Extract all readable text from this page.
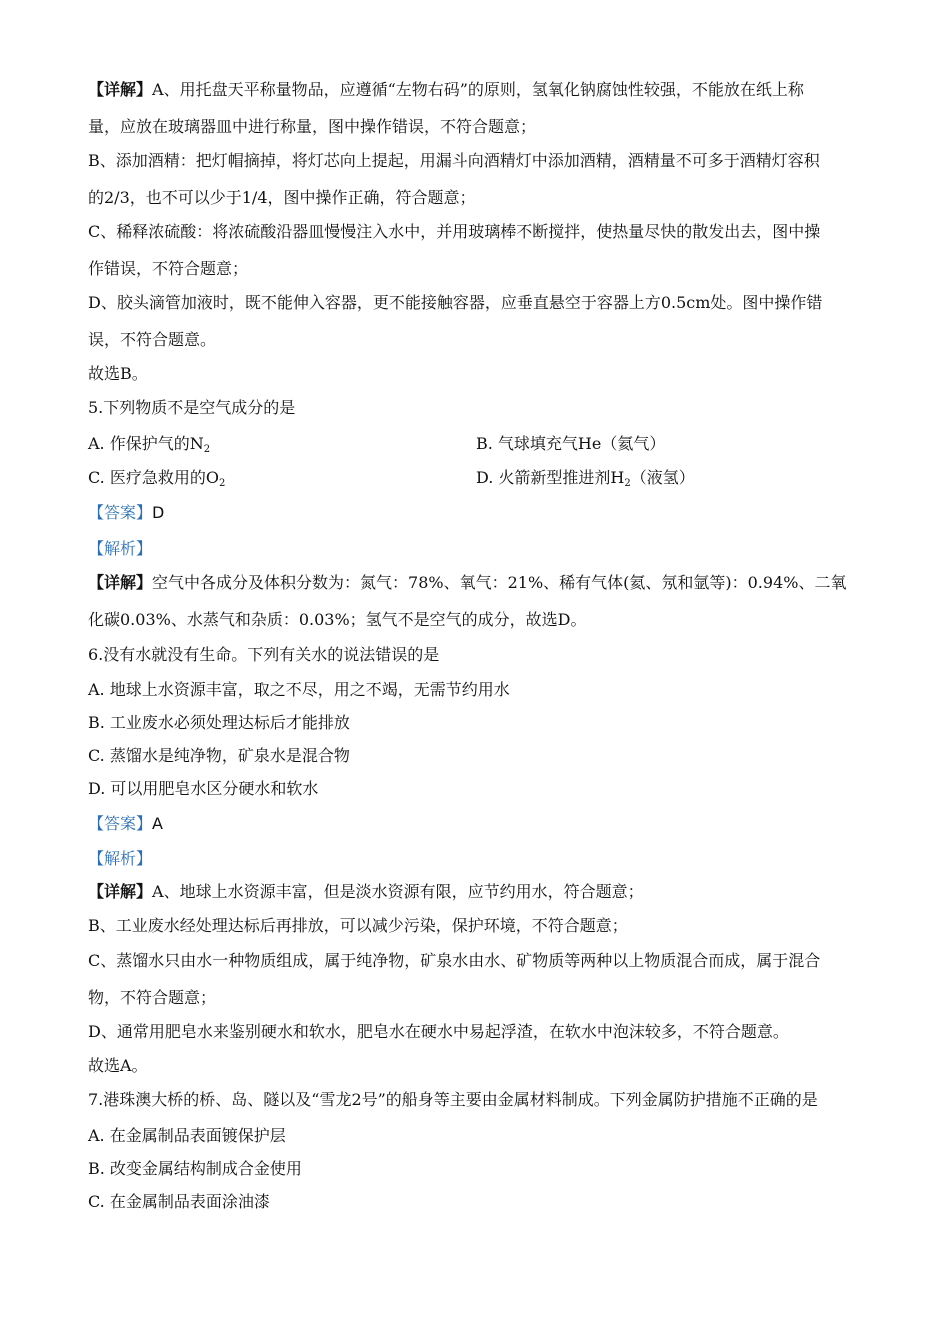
【详解】A、用托盘天平称量物品，应遵循“左物右码”的原则，氢氧化钠腐蚀性较强，不能放在纸上称
量，应放在玻璃器皿中进行称量，图中操作错误，不符合题意；
B、添加酒精：把灯帽摘掉，将灯芯向上提起，用漏斗向酒精灯中添加酒精，酒精量不可多于酒精灯容积
的2/3，也不可以少于1/4，图中操作正确，符合题意；
C、稀释浓硫酸：将浓硫酸沿器皿慢慢注入水中，并用玻璃棒不断搅拌，使热量尽快的散发出去，图中操
作错误，不符合题意；
D、胶头滴管加液时，既不能伸入容器，更不能接触容器，应垂直悬空于容器上方0.5cm处。图中操作错
误，不符合题意。
故选B。
5.下列物质不是空气成分的是
A. 作保护气的$N_2$	B. 气球填充气He（氦气）
C. 医疗急救用的$O_2$	D. 火箭新型推进剂$H_2$（液氢）
【答案】D
【解析】
【详解】空气中各成分及体积分数为：氮气：78%、氧气：21%、稀有气体(氦、氖和氩等)：0.94%、二氧
化碳0.03%、水蒸气和杂质：0.03%；氢气不是空气的成分，故选D。
6.没有水就没有生命。下列有关水的说法错误的是
A. 地球上水资源丰富，取之不尽，用之不竭，无需节约用水
B. 工业废水必须处理达标后才能排放
C. 蒸馏水是纯净物，矿泉水是混合物
D. 可以用肥皂水区分硬水和软水
【答案】A
【解析】
【详解】A、地球上水资源丰富，但是淡水资源有限，应节约用水，符合题意；
B、工业废水经处理达标后再排放，可以减少污染，保护环境，不符合题意；
C、蒸馏水只由水一种物质组成，属于纯净物，矿泉水由水、矿物质等两种以上物质混合而成，属于混合
物，不符合题意；
D、通常用肥皂水来鉴别硬水和软水，肥皂水在硬水中易起浮渣，在软水中泡沫较多，不符合题意。
故选A。
7.港珠澳大桥的桥、岛、隧以及“雪龙2号”的船身等主要由金属材料制成。下列金属防护措施不正确的是
A. 在金属制品表面镀保护层
B. 改变金属结构制成合金使用
C. 在金属制品表面涂油漆
